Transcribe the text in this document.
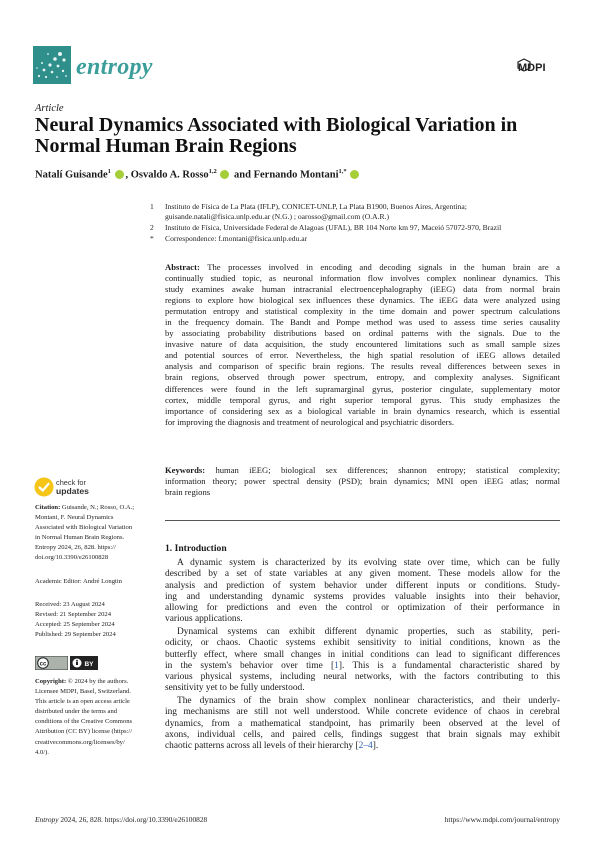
entropy	MDPI
Article
Neural Dynamics Associated with Biological Variation in
Normal Human Brain Regions
Natalí Guisande$^1$ , Osvaldo A. Rosso$^{1,2}$ and Fernando Montani$^{1,*}$
1 Instituto de Física de La Plata (IFLP), CONICET-UNLP, La Plata B1900, Buenos Aires, Argentina;
guisande.natali@fisica.unlp.edu.ar (N.G.) ; oarosso@gmail.com (O.A.R.)
2 Instituto de Física, Universidade Federal de Alagoas (UFAL), BR 104 Norte km 97, Maceió 57072-970, Brazil
* Correspondence: f.montani@fisica.unlp.edu.ar
Abstract: The processes involved in encoding and decoding signals in the human brain are a
continually studied topic, as neuronal information flow involves complex nonlinear dynamics. This
study examines awake human intracranial electroencephalography (iEEG) data from normal brain
regions to explore how biological sex influences these dynamics. The iEEG data were analyzed using
permutation entropy and statistical complexity in the time domain and power spectrum calculations
in the frequency domain. The Bandt and Pompe method was used to assess time series causality
by associating probability distributions based on ordinal patterns with the signals. Due to the
invasive nature of data acquisition, the study encountered limitations such as small sample sizes
and potential sources of error. Nevertheless, the high spatial resolution of iEEG allows detailed
analysis and comparison of specific brain regions. The results reveal differences between sexes in
brain regions, observed through power spectrum, entropy, and complexity analyses. Significant
differences were found in the left supramarginal gyrus, posterior cingulate, supplementary motor
cortex, middle temporal gyrus, and right superior temporal gyrus. This study emphasizes the
importance of considering sex as a biological variable in brain dynamics research, which is essential
for improving the diagnosis and treatment of neurological and psychiatric disorders.
Keywords: human iEEG; biological sex differences; shannon entropy; statistical complexity;
information theory; power spectral density (PSD); brain dynamics; MNI open iEEG atlas; normal
brain regions
check for
updates
Citation: Guisande, N.; Rosso, O.A.;
Montani, F. Neural Dynamics
Associated with Biological Variation
in Normal Human Brain Regions.
Entropy 2024, 26, 828. https://
doi.org/10.3390/e26100828
Academic Editor: André Longtin
Received: 23 August 2024
Revised: 21 September 2024
Accepted: 25 September 2024
Published: 29 September 2024
cc	BY
Copyright: © 2024 by the authors.
Licensee MDPI, Basel, Switzerland.
This article is an open access article
distributed under the terms and
conditions of the Creative Commons
Attribution (CC BY) license (https://
creativecommons.org/licenses/by/
4.0/).
1. Introduction
A dynamic system is characterized by its evolving state over time, which can be fully
described by a set of state variables at any given moment. These models allow for the
analysis and prediction of system behavior under different inputs or conditions. Study-
ing and understanding dynamic systems provides valuable insights into their behavior,
allowing for predictions and even the control or optimization of their performance in
various applications.
Dynamical systems can exhibit different dynamic properties, such as stability, peri-
odicity, or chaos. Chaotic systems exhibit sensitivity to initial conditions, known as the
butterfly effect, where small changes in initial conditions can lead to significant differences
in the system's behavior over time [1]. This is a fundamental characteristic shared by
various physical systems, including neural networks, with the factors contributing to this
sensitivity yet to be fully understood.
The dynamics of the brain show complex nonlinear characteristics, and their underly-
ing mechanisms are still not well understood. While concrete evidence of chaos in cerebral
dynamics, from a mathematical standpoint, has primarily been observed at the level of
axons, individual cells, and paired cells, findings suggest that brain signals may exhibit
chaotic patterns across all levels of their hierarchy [2–4].
Entropy 2024, 26, 828. https://doi.org/10.3390/e26100828	https://www.mdpi.com/journal/entropy
